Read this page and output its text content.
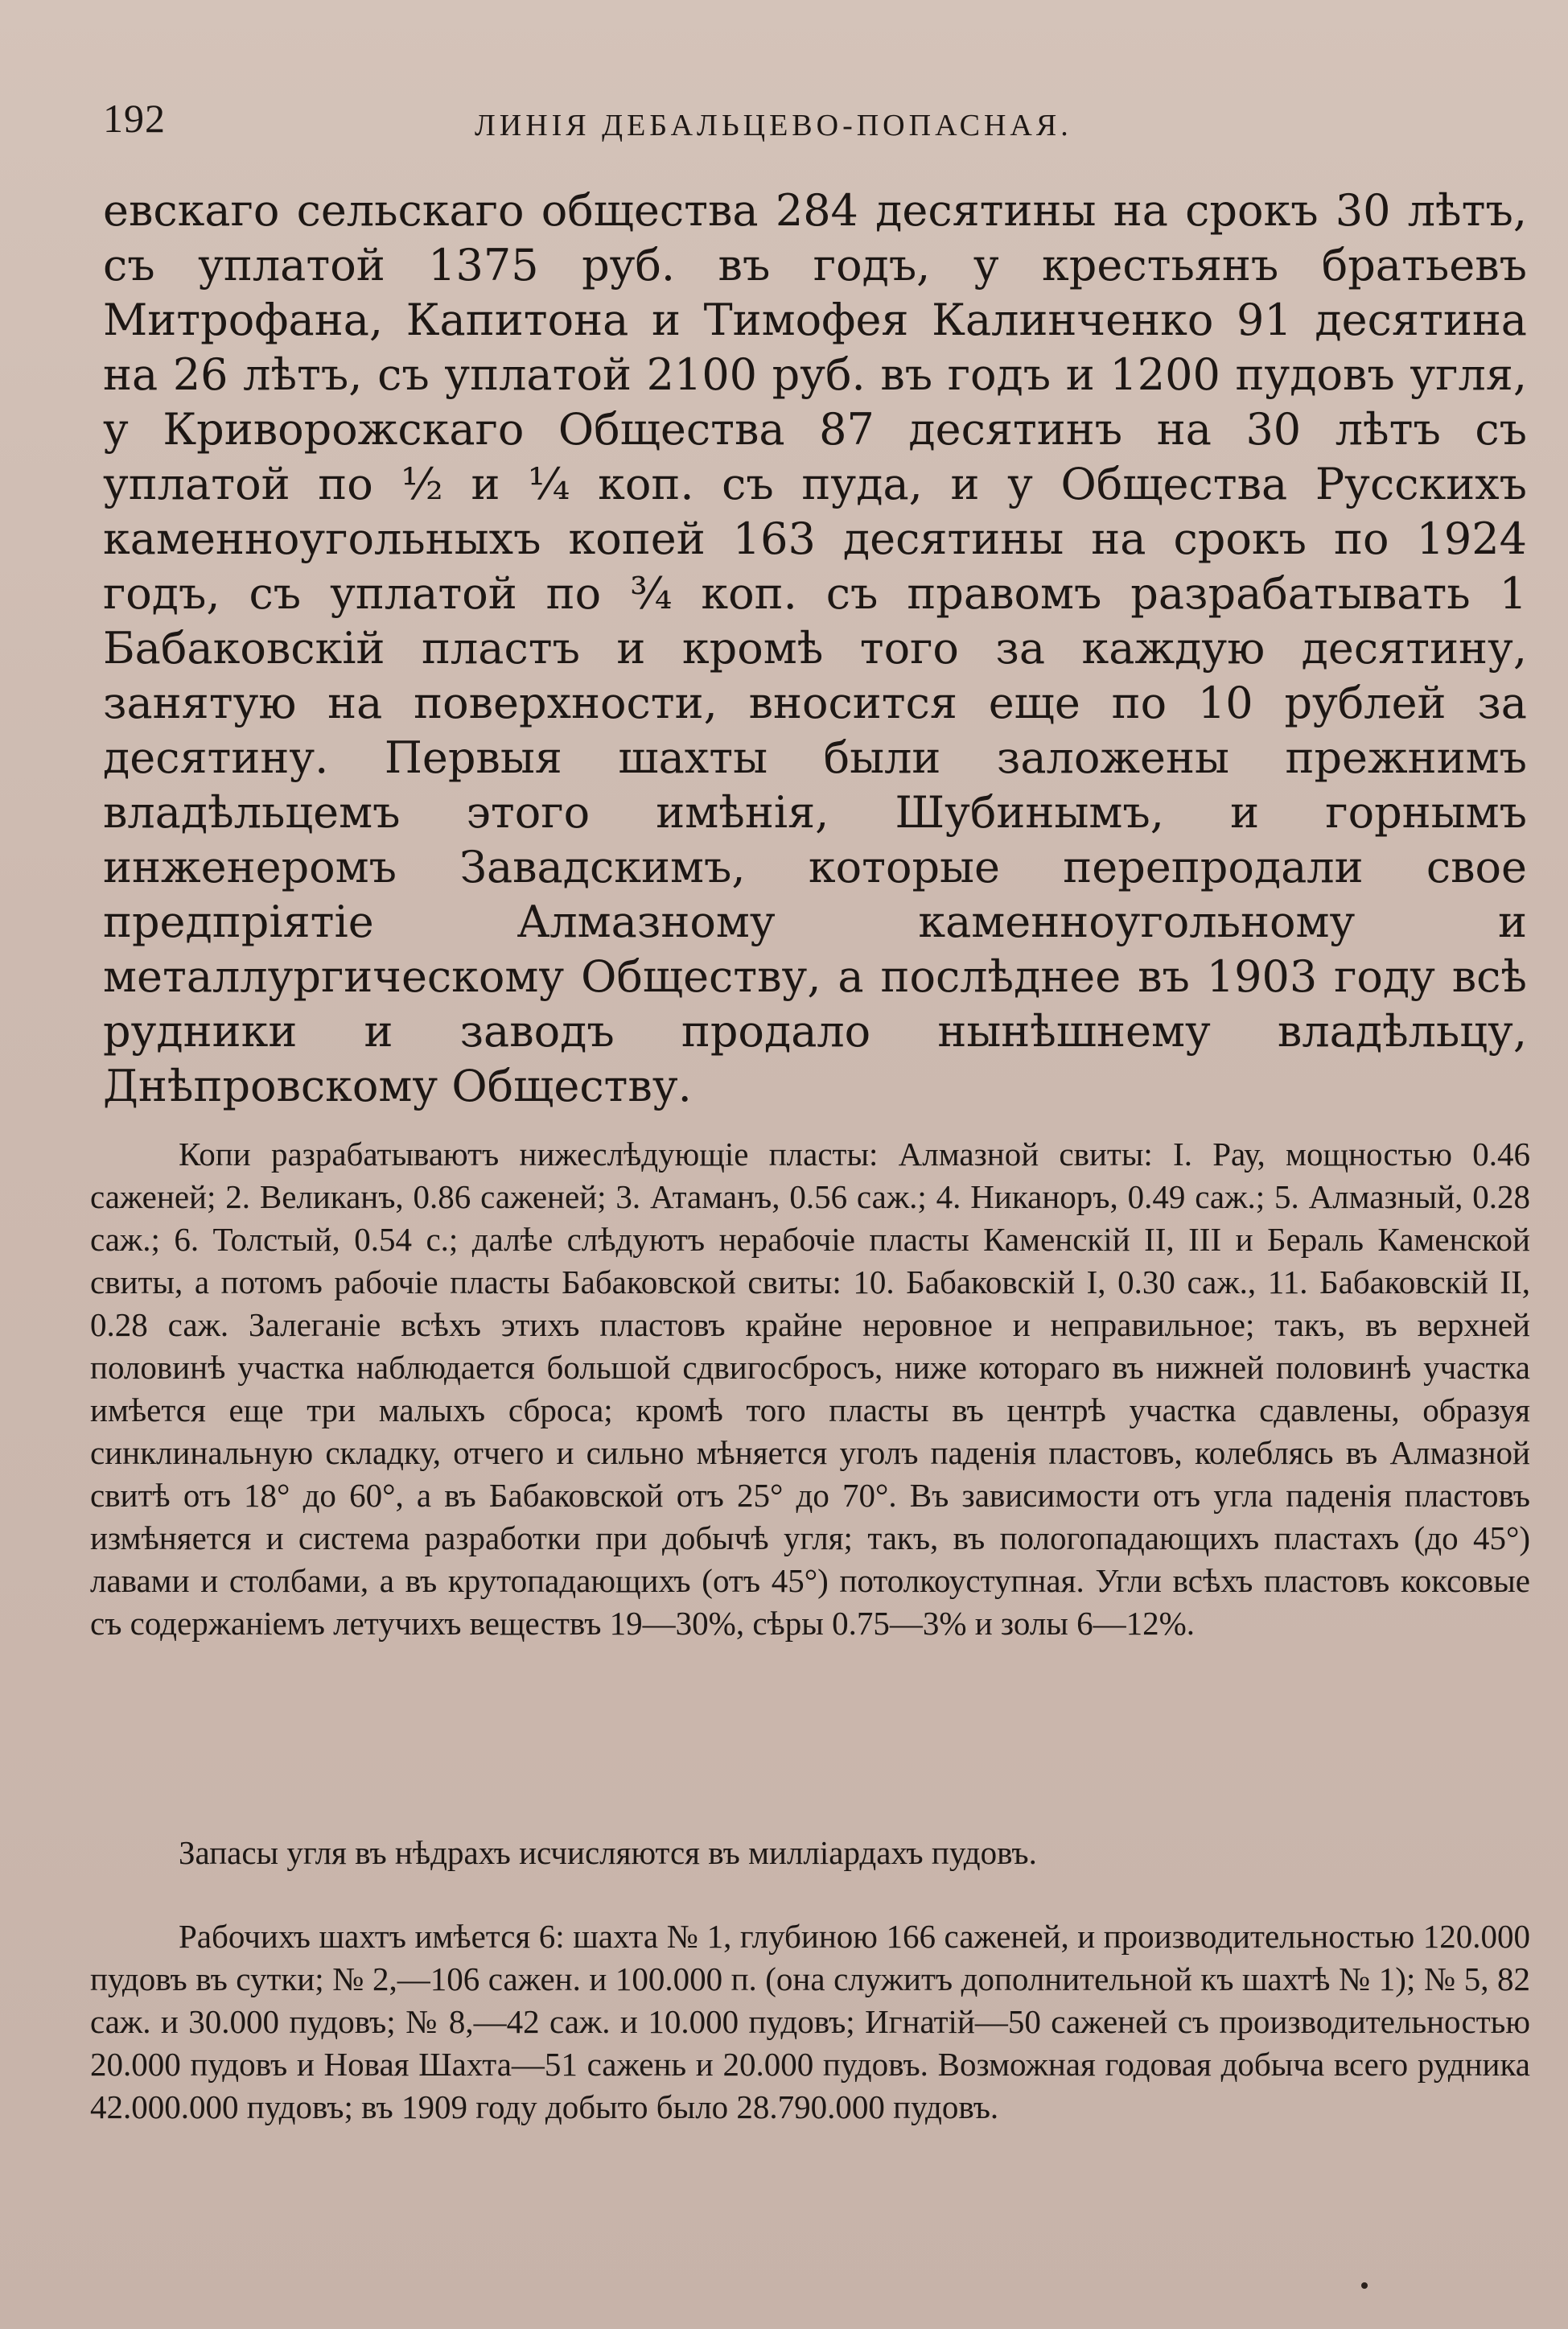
192	ЛИНІЯ ДЕБАЛЬЦЕВО-ПОПАСНАЯ.

евскаго сельскаго общества 284 десятины на срокъ 30 лѣтъ, съ уплатой 1375 руб. въ годъ, у крестьянъ братьевъ Митрофана, Капитона и Тимофея Калинченко 91 десятина на 26 лѣтъ, съ уплатой 2100 руб. въ годъ и 1200 пудовъ угля, у Криворожскаго Общества 87 десятинъ на 30 лѣтъ съ уплатой по ½ и ¼ коп. съ пуда, и у Общества Русскихъ каменноугольныхъ копей 163 десятины на срокъ по 1924 годъ, съ уплатой по ¾ коп. съ правомъ разрабатывать 1 Бабаковскій пластъ и кромѣ того за каждую десятину, занятую на поверхности, вносится еще по 10 рублей за десятину. Первыя шахты были заложены прежнимъ владѣльцемъ этого имѣнія, Шубинымъ, и горнымъ инженеромъ Завадскимъ, которые перепродали свое предпріятіе Алмазному каменноугольному и металлургическому Обществу, а послѣднее въ 1903 году всѣ рудники и заводъ продало нынѣшнему владѣльцу, Днѣпровскому Обществу.

Копи разрабатываютъ нижеслѣдующіе пласты: Алмазной свиты: I. Рау, мощностью 0.46 саженей; 2. Великанъ, 0.86 саженей; 3. Атаманъ, 0.56 саж.; 4. Никаноръ, 0.49 саж.; 5. Алмазный, 0.28 саж.; 6. Толстый, 0.54 с.; далѣе слѣдуютъ нерабочіе пласты Каменскій II, III и Бераль Каменской свиты, а потомъ рабочіе пласты Бабаковской свиты: 10. Бабаковскій I, 0.30 саж., 11. Бабаковскій II, 0.28 саж. Залеганіе всѣхъ этихъ пластовъ крайне неровное и неправильное; такъ, въ верхней половинѣ участка наблюдается большой сдвигосбросъ, ниже котораго въ нижней половинѣ участка имѣется еще три малыхъ сброса; кромѣ того пласты въ центрѣ участка сдавлены, образуя синклинальную складку, отчего и сильно мѣняется уголъ паденія пластовъ, колеблясь въ Алмазной свитѣ отъ 18° до 60°, а въ Бабаковской отъ 25° до 70°. Въ зависимости отъ угла паденія пластовъ измѣняется и система разработки при добычѣ угля; такъ, въ пологопадающихъ пластахъ (до 45°) лавами и столбами, а въ крутопадающихъ (отъ 45°) потолкоуступная. Угли всѣхъ пластовъ коксовые съ содержаніемъ летучихъ веществъ 19—30%, сѣры 0.75—3% и золы 6—12%.

Запасы угля въ нѣдрахъ исчисляются въ милліардахъ пудовъ.

Рабочихъ шахтъ имѣется 6: шахта № 1, глубиною 166 саженей, и производительностью 120.000 пудовъ въ сутки; № 2,—106 сажен. и 100.000 п. (она служитъ дополнительной къ шахтѣ № 1); № 5, 82 саж. и 30.000 пудовъ; № 8,—42 саж. и 10.000 пудовъ; Игнатій—50 саженей съ производительностью 20.000 пудовъ и Новая Шахта—51 сажень и 20.000 пудовъ. Возможная годовая добыча всего рудника 42.000.000 пудовъ; въ 1909 году добыто было 28.790.000 пудовъ.
